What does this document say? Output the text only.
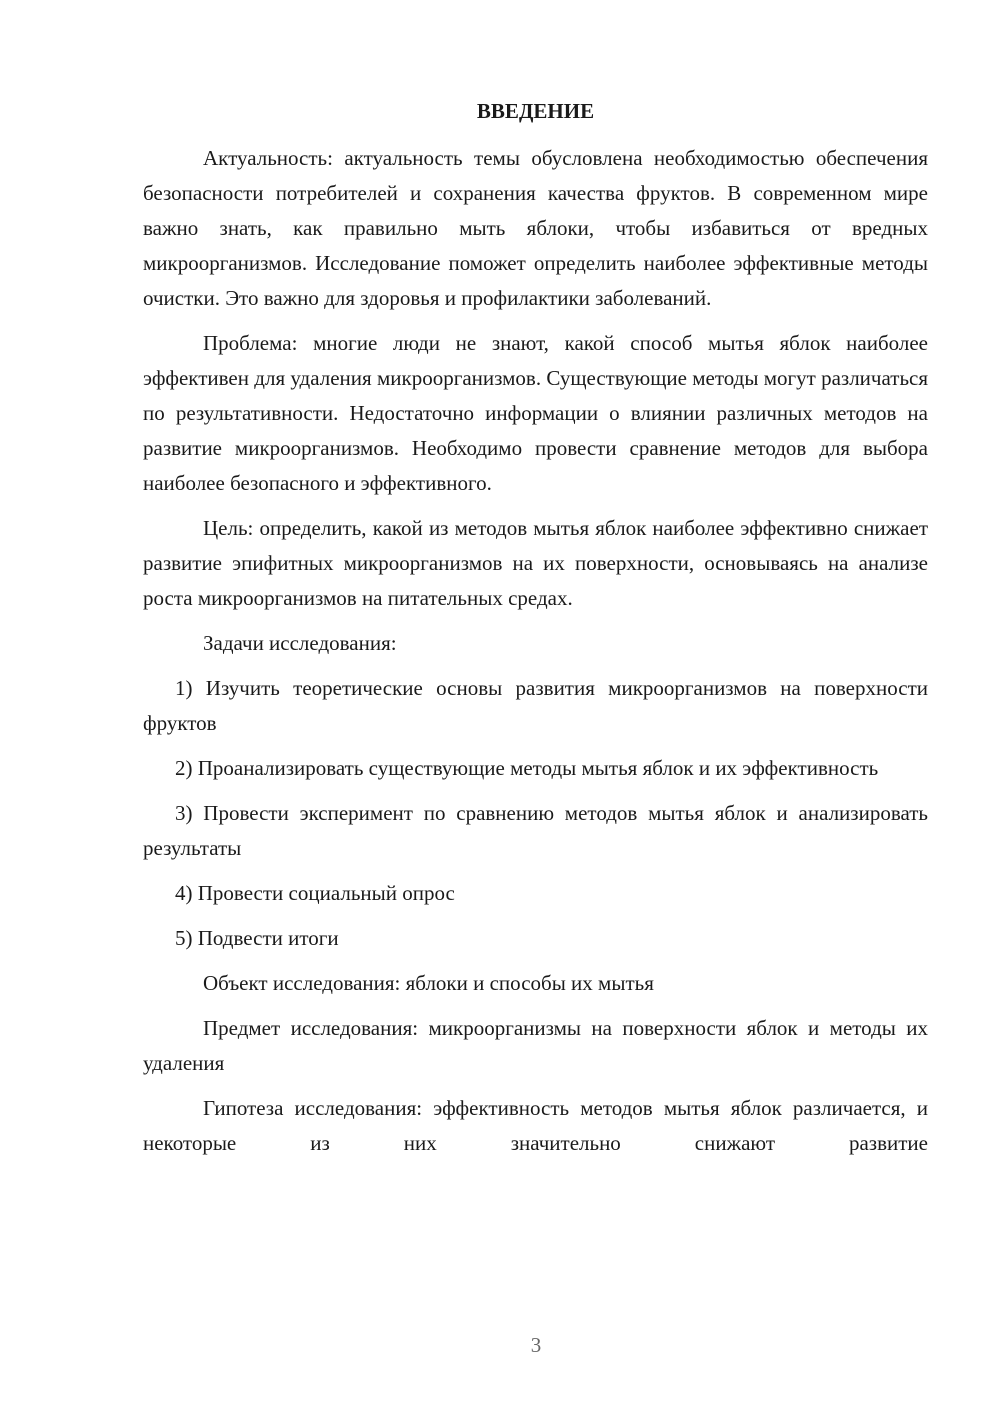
ВВЕДЕНИЕ

Актуальность: актуальность темы обусловлена необходимостью обеспечения безопасности потребителей и сохранения качества фруктов. В современном мире важно знать, как правильно мыть яблоки, чтобы избавиться от вредных микроорганизмов. Исследование поможет определить наиболее эффективные методы очистки. Это важно для здоровья и профилактики заболеваний.

Проблема: многие люди не знают, какой способ мытья яблок наиболее эффективен для удаления микроорганизмов. Существующие методы могут различаться по результативности. Недостаточно информации о влиянии различных методов на развитие микроорганизмов. Необходимо провести сравнение методов для выбора наиболее безопасного и эффективного.

Цель: определить, какой из методов мытья яблок наиболее эффективно снижает развитие эпифитных микроорганизмов на их поверхности, основываясь на анализе роста микроорганизмов на питательных средах.

Задачи исследования:

1) Изучить теоретические основы развития микроорганизмов на поверхности фруктов

2) Проанализировать существующие методы мытья яблок и их эффективность

3) Провести эксперимент по сравнению методов мытья яблок и анализировать результаты

4) Провести социальный опрос

5) Подвести итоги

Объект исследования: яблоки и способы их мытья

Предмет исследования: микроорганизмы на поверхности яблок и методы их удаления

Гипотеза исследования: эффективность методов мытья яблок различается, и некоторые из них значительно снижают развитие

3
